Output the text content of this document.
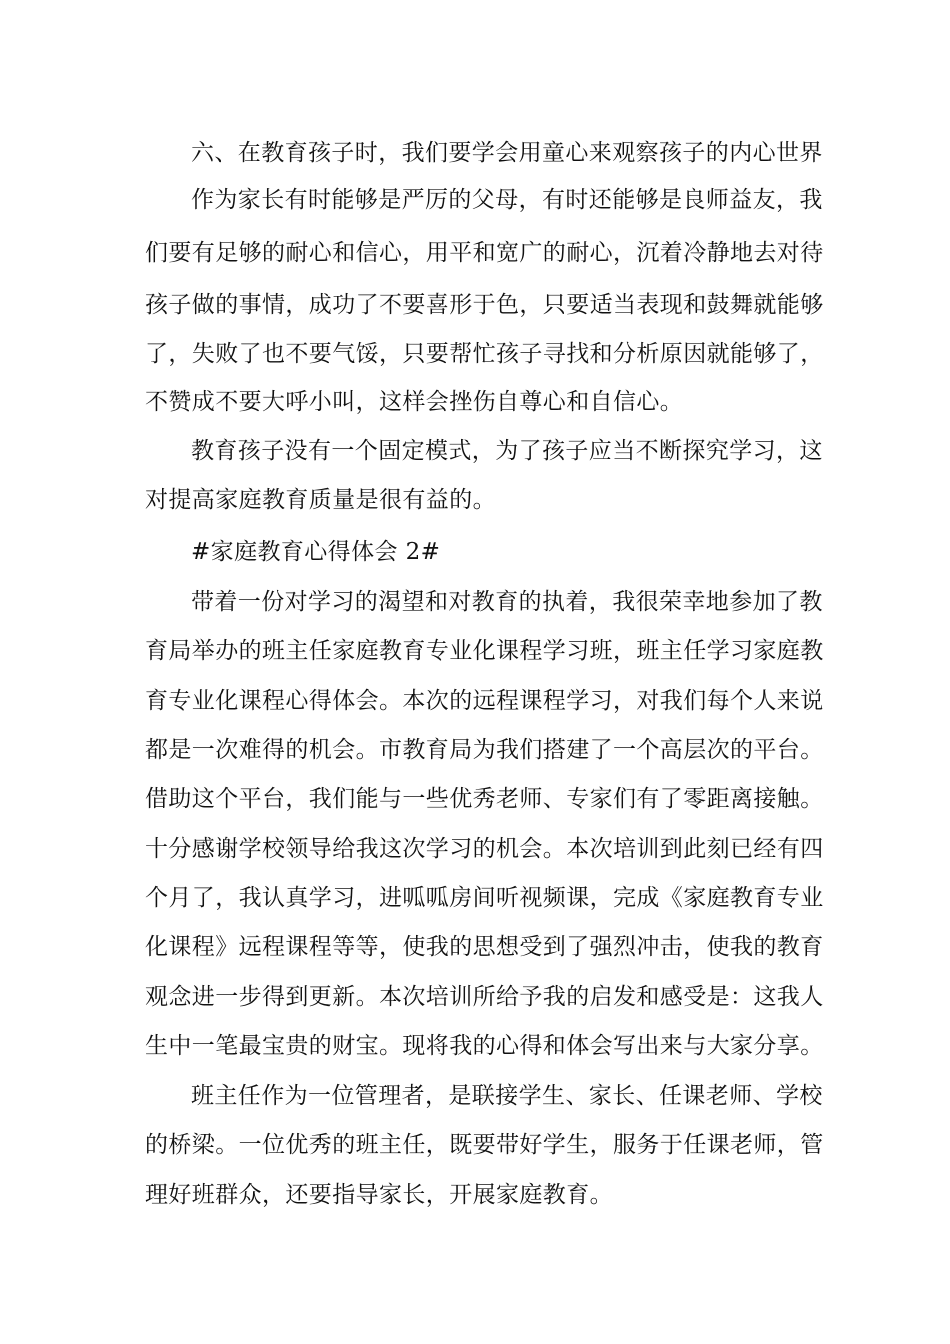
六、在教育孩子时，我们要学会用童心来观察孩子的内心世界
作为家长有时能够是严厉的父母，有时还能够是良师益友，我
们要有足够的耐心和信心，用平和宽广的耐心，沉着冷静地去对待
孩子做的事情，成功了不要喜形于色，只要适当表现和鼓舞就能够
了，失败了也不要气馁，只要帮忙孩子寻找和分析原因就能够了，
不赞成不要大呼小叫，这样会挫伤自尊心和自信心。
教育孩子没有一个固定模式，为了孩子应当不断探究学习，这
对提高家庭教育质量是很有益的。
#家庭教育心得体会 2#
带着一份对学习的渴望和对教育的执着，我很荣幸地参加了教
育局举办的班主任家庭教育专业化课程学习班，班主任学习家庭教
育专业化课程心得体会。本次的远程课程学习，对我们每个人来说
都是一次难得的机会。市教育局为我们搭建了一个高层次的平台。
借助这个平台，我们能与一些优秀老师、专家们有了零距离接触。
十分感谢学校领导给我这次学习的机会。本次培训到此刻已经有四
个月了，我认真学习，进呱呱房间听视频课，完成《家庭教育专业
化课程》远程课程等等，使我的思想受到了强烈冲击，使我的教育
观念进一步得到更新。本次培训所给予我的启发和感受是：这我人
生中一笔最宝贵的财宝。现将我的心得和体会写出来与大家分享。
班主任作为一位管理者，是联接学生、家长、任课老师、学校
的桥梁。一位优秀的班主任，既要带好学生，服务于任课老师，管
理好班群众，还要指导家长，开展家庭教育。
